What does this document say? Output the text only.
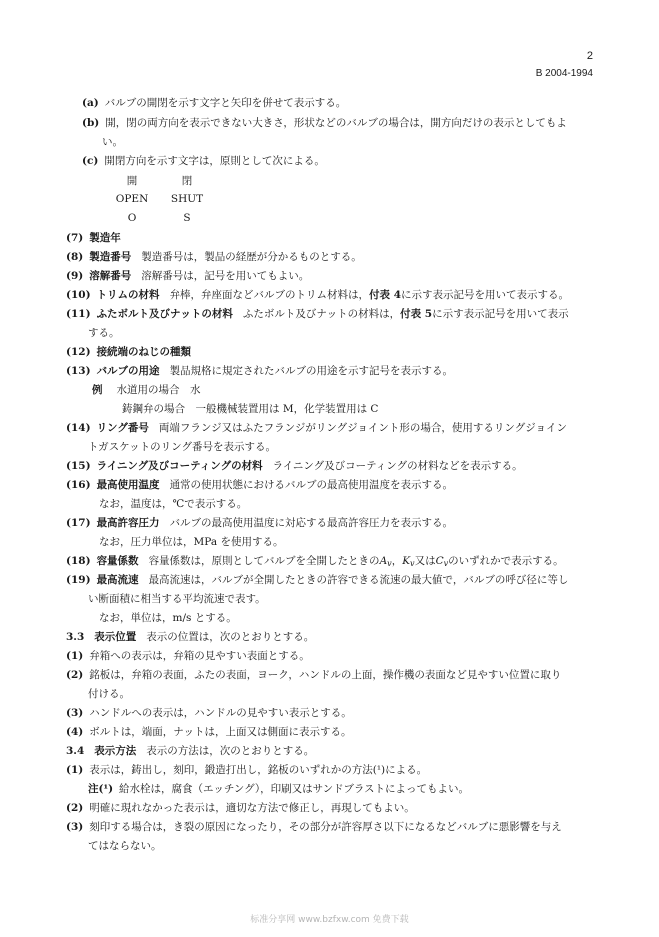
2
B 2004-1994
(a) バルブの開閉を示す文字と矢印を併せて表示する。
(b) 開，閉の両方向を表示できない大きさ，形状などのバルブの場合は，開方向だけの表示としてもよ
い。
(c) 開閉方向を示す文字は，原則として次による。
開	閉
OPEN	SHUT
O	S
(7) 製造年
(8) 製造番号 製造番号は，製品の経歴が分かるものとする。
(9) 溶解番号 溶解番号は，記号を用いてもよい。
(10) トリムの材料 弁棒，弁座面などバルブのトリム材料は，付表 4に示す表示記号を用いて表示する。
(11) ふたボルト及びナットの材料 ふたボルト及びナットの材料は，付表 5に示す表示記号を用いて表示
する。
(12) 接続端のねじの種類
(13) バルブの用途 製品規格に規定されたバルブの用途を示す記号を表示する。
例 水道用の場合　水
鋳鋼弁の場合　一般機械装置用は M，化学装置用は C
(14) リング番号 両端フランジ又はふたフランジがリングジョイント形の場合，使用するリングジョイン
トガスケットのリング番号を表示する。
(15) ライニング及びコーティングの材料 ライニング及びコーティングの材料などを表示する。
(16) 最高使用温度 通常の使用状態におけるバルブの最高使用温度を表示する。
なお，温度は，℃で表示する。
(17) 最高許容圧力 バルブの最高使用温度に対応する最高許容圧力を表示する。
なお，圧力単位は，MPa を使用する。
(18) 容量係数 容量係数は，原則としてバルブを全開したときの$A_v$，$K_v$又は$C_v$のいずれかで表示する。
(19) 最高流速 最高流速は，バルブが全開したときの許容できる流速の最大値で，バルブの呼び径に等し
い断面積に相当する平均流速で表す。
なお，単位は，m/s とする。
3.3 表示位置 表示の位置は，次のとおりとする。
(1) 弁箱への表示は，弁箱の見やすい表面とする。
(2) 銘板は，弁箱の表面，ふたの表面，ヨーク，ハンドルの上面，操作機の表面など見やすい位置に取り
付ける。
(3) ハンドルへの表示は，ハンドルの見やすい表示とする。
(4) ボルトは，端面，ナットは，上面又は側面に表示する。
3.4 表示方法 表示の方法は，次のとおりとする。
(1) 表示は，鋳出し，刻印，鍛造打出し，銘板のいずれかの方法(¹)による。
注(¹) 給水栓は，腐食（エッチング），印刷又はサンドブラストによってもよい。
(2) 明確に現れなかった表示は，適切な方法で修正し，再現してもよい。
(3) 刻印する場合は，き裂の原因になったり，その部分が許容厚さ以下になるなどバルブに悪影響を与え
てはならない。
标准分享网 www.bzfxw.com 免费下载
